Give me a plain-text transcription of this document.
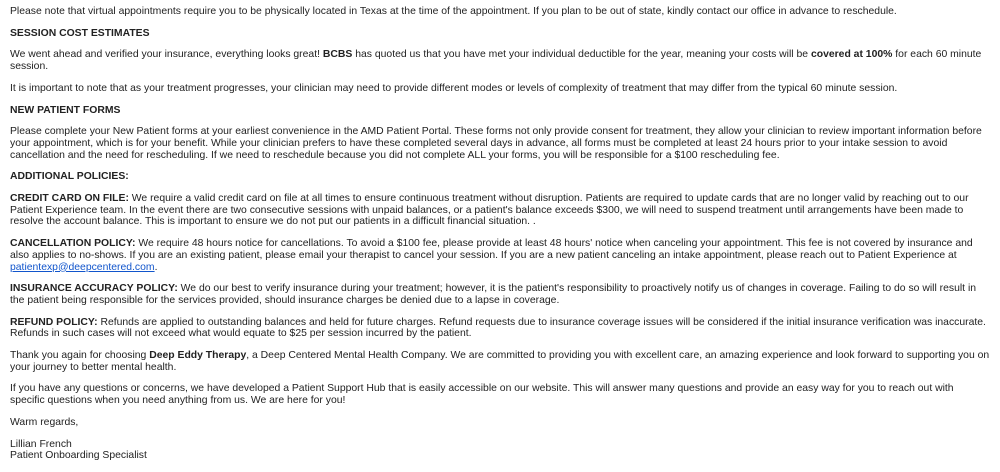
Please note that virtual appointments require you to be physically located in Texas at the time of the appointment. If you plan to be out of state, kindly contact our office in advance to reschedule.

SESSION COST ESTIMATES

We went ahead and verified your insurance, everything looks great! BCBS has quoted us that you have met your individual deductible for the year, meaning your costs will be covered at 100% for each 60 minute session.

It is important to note that as your treatment progresses, your clinician may need to provide different modes or levels of complexity of treatment that may differ from the typical 60 minute session.

NEW PATIENT FORMS

Please complete your New Patient forms at your earliest convenience in the AMD Patient Portal. These forms not only provide consent for treatment, they allow your clinician to review important information before your appointment, which is for your benefit. While your clinician prefers to have these completed several days in advance, all forms must be completed at least 24 hours prior to your intake session to avoid cancellation and the need for rescheduling. If we need to reschedule because you did not complete ALL your forms, you will be responsible for a $100 rescheduling fee.

ADDITIONAL POLICIES:

CREDIT CARD ON FILE: We require a valid credit card on file at all times to ensure continuous treatment without disruption. Patients are required to update cards that are no longer valid by reaching out to our Patient Experience team. In the event there are two consecutive sessions with unpaid balances, or a patient's balance exceeds $300, we will need to suspend treatment until arrangements have been made to resolve the account balance. This is important to ensure we do not put our patients in a difficult financial situation. .

CANCELLATION POLICY: We require 48 hours notice for cancellations. To avoid a $100 fee, please provide at least 48 hours' notice when canceling your appointment. This fee is not covered by insurance and also applies to no-shows. If you are an existing patient, please email your therapist to cancel your session. If you are a new patient canceling an intake appointment, please reach out to Patient Experience at patientexp@deepcentered.com.

INSURANCE ACCURACY POLICY: We do our best to verify insurance during your treatment; however, it is the patient's responsibility to proactively notify us of changes in coverage. Failing to do so will result in the patient being responsible for the services provided, should insurance charges be denied due to a lapse in coverage.

REFUND POLICY: Refunds are applied to outstanding balances and held for future charges. Refund requests due to insurance coverage issues will be considered if the initial insurance verification was inaccurate. Refunds in such cases will not exceed what would equate to $25 per session incurred by the patient.

Thank you again for choosing Deep Eddy Therapy, a Deep Centered Mental Health Company. We are committed to providing you with excellent care, an amazing experience and look forward to supporting you on your journey to better mental health.

If you have any questions or concerns, we have developed a Patient Support Hub that is easily accessible on our website. This will answer many questions and provide an easy way for you to reach out with specific questions when you need anything from us. We are here for you!

Warm regards,

Lillian French

Patient Onboarding Specialist
